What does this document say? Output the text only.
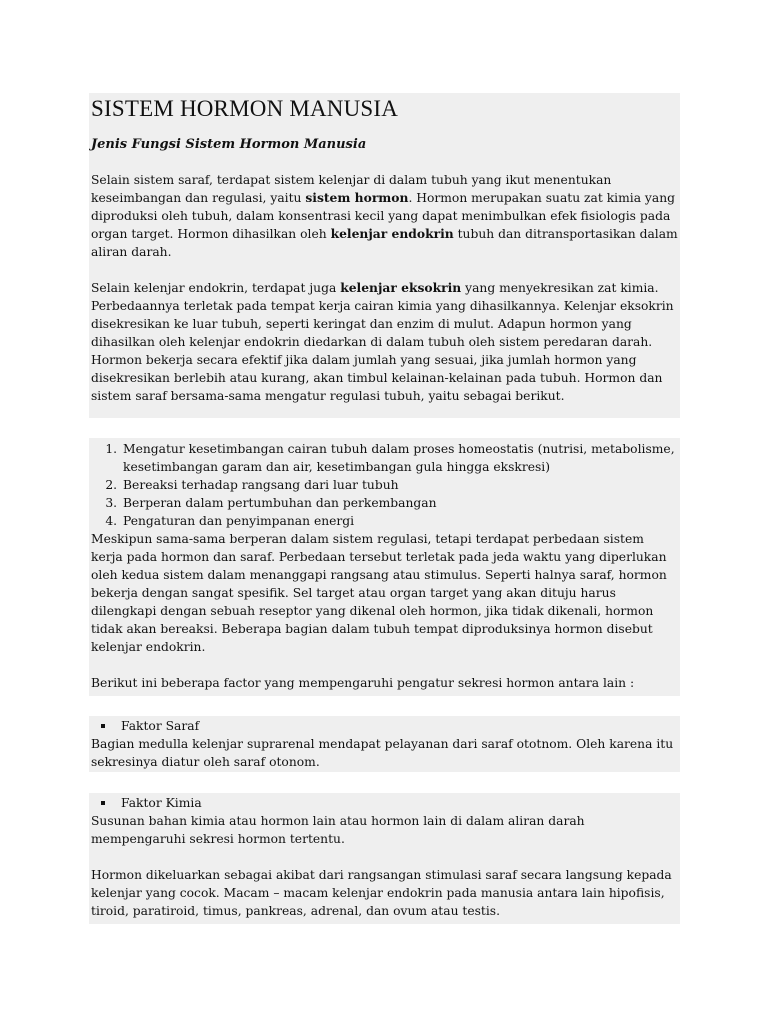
SISTEM HORMON MANUSIA
Jenis Fungsi Sistem Hormon Manusia

Selain sistem saraf, terdapat sistem kelenjar di dalam tubuh yang ikut menentukan keseimbangan dan regulasi, yaitu sistem hormon. Hormon merupakan suatu zat kimia yang diproduksi oleh tubuh, dalam konsentrasi kecil yang dapat menimbulkan efek fisiologis pada organ target. Hormon dihasilkan oleh kelenjar endokrin tubuh dan ditransportasikan dalam aliran darah.

Selain kelenjar endokrin, terdapat juga kelenjar eksokrin yang menyekresikan zat kimia. Perbedaannya terletak pada tempat kerja cairan kimia yang dihasilkannya. Kelenjar eksokrin disekresikan ke luar tubuh, seperti keringat dan enzim di mulut. Adapun hormon yang dihasilkan oleh kelenjar endokrin diedarkan di dalam tubuh oleh sistem peredaran darah. Hormon bekerja secara efektif jika dalam jumlah yang sesuai, jika jumlah hormon yang disekresikan berlebih atau kurang, akan timbul kelainan-kelainan pada tubuh. Hormon dan sistem saraf bersama-sama mengatur regulasi tubuh, yaitu sebagai berikut.

1. Mengatur kesetimbangan cairan tubuh dalam proses homeostatis (nutrisi, metabolisme, kesetimbangan garam dan air, kesetimbangan gula hingga ekskresi)
2. Bereaksi terhadap rangsang dari luar tubuh
3. Berperan dalam pertumbuhan dan perkembangan
4. Pengaturan dan penyimpanan energi

Meskipun sama-sama berperan dalam sistem regulasi, tetapi terdapat perbedaan sistem kerja pada hormon dan saraf. Perbedaan tersebut terletak pada jeda waktu yang diperlukan oleh kedua sistem dalam menanggapi rangsang atau stimulus. Seperti halnya saraf, hormon bekerja dengan sangat spesifik. Sel target atau organ target yang akan dituju harus dilengkapi dengan sebuah reseptor yang dikenal oleh hormon, jika tidak dikenali, hormon tidak akan bereaksi. Beberapa bagian dalam tubuh tempat diproduksinya hormon disebut kelenjar endokrin.

Berikut ini beberapa factor yang mempengaruhi pengatur sekresi hormon antara lain :

Faktor Saraf

Bagian medulla kelenjar suprarenal mendapat pelayanan dari saraf ototnom. Oleh karena itu sekresinya diatur oleh saraf otonom.

Faktor Kimia

Susunan bahan kimia atau hormon lain atau hormon lain di dalam aliran darah mempengaruhi sekresi hormon tertentu.

Hormon dikeluarkan sebagai akibat dari rangsangan stimulasi saraf secara langsung kepada kelenjar yang cocok. Macam – macam kelenjar endokrin pada manusia antara lain hipofisis, tiroid, paratiroid, timus, pankreas, adrenal, dan ovum atau testis.
